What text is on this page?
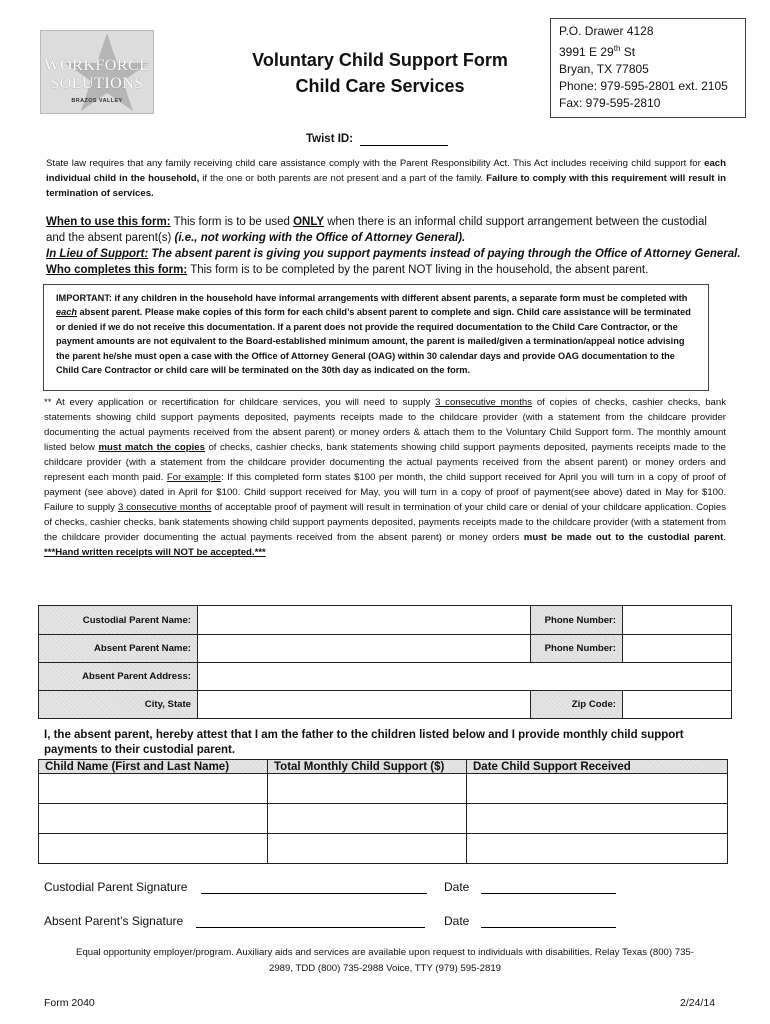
WORKFORCE
SOLUTIONS
BRAZOS VALLEY
Voluntary Child Support Form
Child Care Services
P.O. Drawer 4128
3991 E 29th St
Bryan, TX 77805
Phone: 979-595-2801 ext. 2105
Fax: 979-595-2810
Twist ID:

State law requires that any family receiving child care assistance comply with the Parent Responsibility Act. This Act includes receiving child support for each individual child in the household, if the one or both parents are not present and a part of the family. Failure to comply with this requirement will result in termination of services.

When to use this form: This form is to be used ONLY when there is an informal child support arrangement between the custodial
and the absent parent(s) (i.e., not working with the Office of Attorney General).
In Lieu of Support: The absent parent is giving you support payments instead of paying through the Office of Attorney General.
Who completes this form: This form is to be completed by the parent NOT living in the household, the absent parent.
IMPORTANT: if any children in the household have informal arrangements with different absent parents, a separate form must be completed with each absent parent. Please make copies of this form for each child’s absent parent to complete and sign. Child care assistance will be terminated or denied if we do not receive this documentation. If a parent does not provide the required documentation to the Child Care Contractor, or the payment amounts are not equivalent to the Board-established minimum amount, the parent is mailed/given a termination/appeal notice advising the parent he/she must open a case with the Office of Attorney General (OAG) within 30 calendar days and provide OAG documentation to the Child Care Contractor or child care will be terminated on the 30th day as indicated on the form.

** At every application or recertification for childcare services, you will need to supply 3 consecutive months of copies of checks, cashier checks, bank statements showing child support payments deposited, payments receipts made to the childcare provider (with a statement from the childcare provider documenting the actual payments received from the absent parent) or money orders & attach them to the Voluntary Child Support form. The monthly amount listed below must match the copies of checks, cashier checks, bank statements showing child support payments deposited, payments receipts made to the childcare provider (with a statement from the childcare provider documenting the actual payments received from the absent parent) or money orders and represent each month paid. For example: If this completed form states $100 per month, the child support received for April you will turn in a copy of proof of payment (see above) dated in April for $100. Child support received for May, you will turn in a copy of proof of payment(see above) dated in May for $100. Failure to supply 3 consecutive months of acceptable proof of payment will result in termination of your child care or denial of your childcare application. Copies of checks, cashier checks, bank statements showing child support payments deposited, payments receipts made to the childcare provider (with a statement from the childcare provider documenting the actual payments received from the absent parent) or money orders must be made out to the custodial parent. ***Hand written receipts will NOT be accepted.***

Custodial Parent Name:	Phone Number:
Absent Parent Name:	Phone Number:
Absent Parent Address:
City, State	Zip Code:
I, the absent parent, hereby attest that I am the father to the children listed below and I provide monthly child support payments to their custodial parent.
Child Name (First and Last Name)	Total Monthly Child Support ($)	Date Child Support Received

Custodial Parent Signature	Date
Absent Parent’s Signature	Date
Equal opportunity employer/program. Auxiliary aids and services are available upon request to individuals with disabilities. Relay Texas (800) 735-
2989, TDD (800) 735-2988 Voice, TTY (979) 595-2819
Form 2040	2/24/14
